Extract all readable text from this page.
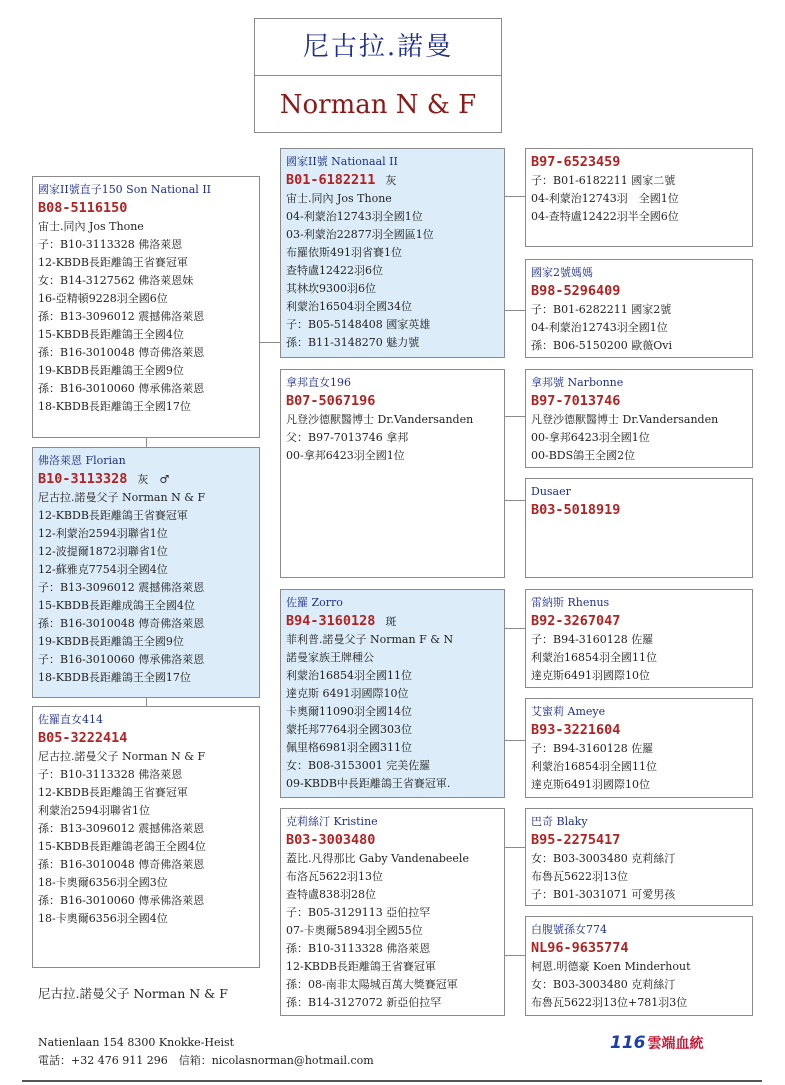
尼古拉.諾曼
Norman N & F
國家II號直子150 Son National II
B08-5116150
宙士.同內 Jos Thone
子：B10-3113328 佛洛萊恩
12-KBDB長距離鴿王省賽冠軍
女：B14-3127562 佛洛萊恩妹
16-亞精頓9228羽全國6位
孫：B13-3096012 震撼佛洛萊恩
15-KBDB長距離鴿王全國4位
孫：B16-3010048 傳奇佛洛萊恩
19-KBDB長距離鴿王全國9位
孫：B16-3010060 傳承佛洛萊恩
18-KBDB長距離鴿王全國17位
佛洛萊恩 Florian
B10-3113328 灰　♂
尼古拉.諾曼父子 Norman N & F
12-KBDB長距離鴿王省賽冠軍
12-利蒙治2594羽聯省1位
12-波提爾1872羽聯省1位
12-蘇雅克7754羽全國4位
子：B13-3096012 震撼佛洛萊恩
15-KBDB長距離成鴿王全國4位
孫：B16-3010048 傳奇佛洛萊恩
19-KBDB長距離鴿王全國9位
子：B16-3010060 傳承佛洛萊恩
18-KBDB長距離鴿王全國17位
佐羅直女414
B05-3222414
尼古拉.諾曼父子 Norman N & F
子：B10-3113328 佛洛萊恩
12-KBDB長距離鴿王省賽冠軍
利蒙治2594羽聯省1位
孫：B13-3096012 震撼佛洛萊恩
15-KBDB長距離鴿老鴿王全國4位
孫：B16-3010048 傳奇佛洛萊恩
18-卡奧爾6356羽全國3位
孫：B16-3010060 傳承佛洛萊恩
18-卡奧爾6356羽全國4位
國家II號 Nationaal II
B01-6182211 灰
宙士.同內 Jos Thone
04-利蒙治12743羽全國1位
03-利蒙治22877羽全國區1位
布羅依斯491羽省賽1位
查特盧12422羽6位
其林坎9300羽6位
利蒙治16504羽全國34位
子：B05-5148408 國家英雄
孫：B11-3148270 魅力號
拿邦直女196
B07-5067196
凡登沙德獸醫博士 Dr.Vandersanden
父：B97-7013746 拿邦
00-拿邦6423羽全國1位
佐羅 Zorro
B94-3160128 斑
菲利普.諾曼父子 Norman F & N
諾曼家族王牌種公
利蒙治16854羽全國11位
達克斯 6491羽國際10位
卡奧爾11090羽全國14位
蒙托邦7764羽全國303位
佩里格6981羽全國311位
女：B08-3153001 完美佐羅
09-KBDB中長距離鴿王省賽冠軍.
克莉絲汀 Kristine
B03-3003480
蓋比.凡得那比 Gaby Vandenabeele
布洛瓦5622羽13位
查特盧838羽28位
子：B05-3129113 亞伯拉罕
07-卡奧爾5894羽全國55位
孫：B10-3113328 佛洛萊恩
12-KBDB長距離鴿王省賽冠軍
孫：08-南非太陽城百萬大獎賽冠軍
孫：B14-3127072 新亞伯拉罕
B97-6523459
子：B01-6182211 國家二號
04-利蒙治12743羽　全國1位
04-查特盧12422羽半全國6位
國家2號媽媽
B98-5296409
子：B01-6282211 國家2號
04-利蒙治12743羽全國1位
孫：B06-5150200 歐薇Ovi
拿邦號 Narbonne
B97-7013746
凡登沙德獸醫博士 Dr.Vandersanden
00-拿邦6423羽全國1位
00-BDS鴿王全國2位
Dusaer
B03-5018919
雷納斯 Rhenus
B92-3267047
子：B94-3160128 佐羅
利蒙治16854羽全國11位
達克斯6491羽國際10位
艾蜜莉 Ameye
B93-3221604
子：B94-3160128 佐羅
利蒙治16854羽全國11位
達克斯6491羽國際10位
巴奇 Blaky
B95-2275417
女：B03-3003480 克莉絲汀
布魯瓦5622羽13位
子：B01-3031071 可愛男孩
白腹號孫女774
NL96-9635774
柯恩.明德豪 Koen Minderhout
女：B03-3003480 克莉絲汀
布魯瓦5622羽13位+781羽3位
尼古拉.諾曼父子 Norman N & F
Natienlaan 154 8300 Knokke-Heist
電話：+32 476 911 296　信箱：nicolasnorman@hotmail.com
116 雲端血統
